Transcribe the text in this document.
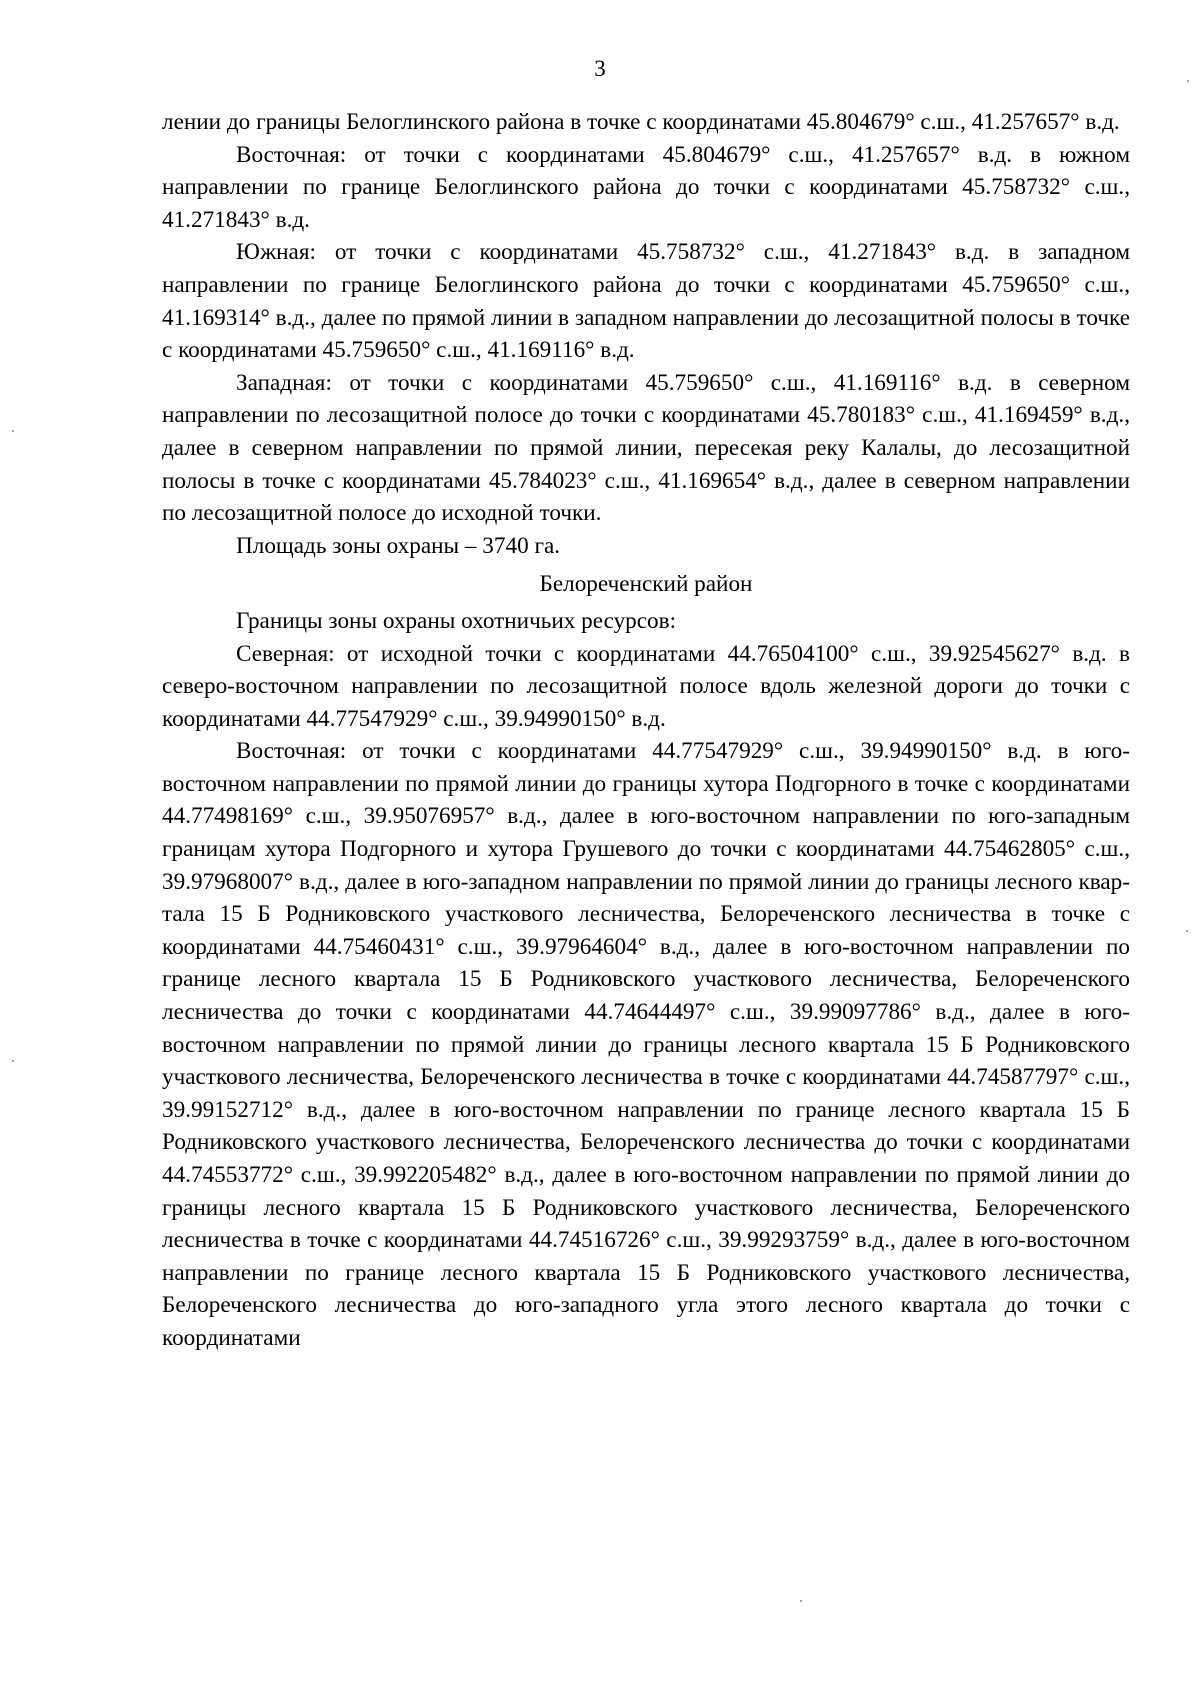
3

лении до границы Белоглинского района в точке с координатами 45.804679° с.ш., 41.257657° в.д.

Восточная: от точки с координатами 45.804679° с.ш., 41.257657° в.д. в южном направлении по границе Белоглинского района до точки с координатами 45.758732° с.ш., 41.271843° в.д.

Южная: от точки с координатами 45.758732° с.ш., 41.271843° в.д. в западном направлении по границе Белоглинского района до точки с координатами 45.759650° с.ш., 41.169314° в.д., далее по прямой линии в западном направлении до лесозащитной полосы в точке с координатами 45.759650° с.ш., 41.169116° в.д.

Западная: от точки с координатами 45.759650° с.ш., 41.169116° в.д. в северном направлении по лесозащитной полосе до точки с координатами 45.780183° с.ш., 41.169459° в.д., далее в северном направлении по прямой линии, пересекая реку Калалы, до лесозащитной полосы в точке с координатами 45.784023° с.ш., 41.169654° в.д., далее в северном направлении по лесозащитной полосе до исходной точки.

Площадь зоны охраны – 3740 га.

Белореченский район

Границы зоны охраны охотничьих ресурсов:

Северная: от исходной точки с координатами 44.76504100° с.ш., 39.92545627° в.д. в северо-восточном направлении по лесозащитной полосе вдоль железной дороги до точки с координатами 44.77547929° с.ш., 39.94990150° в.д.

Восточная: от точки с координатами 44.77547929° с.ш., 39.94990150° в.д. в юго-восточном направлении по прямой линии до границы хутора Подгорного в точке с координатами 44.77498169° с.ш., 39.95076957° в.д., далее в юго-восточном направлении по юго-западным границам хутора Подгорного и хутора Грушевого до точки с координатами 44.75462805° с.ш., 39.97968007° в.д., далее в юго-западном направлении по прямой линии до границы лесного квартала 15 Б Родниковского участкового лесничества, Белореченского лесничества в точке с координатами 44.75460431° с.ш., 39.97964604° в.д., далее в юго-восточном направлении по границе лесного квартала 15 Б Родниковского участкового лесничества, Белореченского лесничества до точки с координатами 44.74644497° с.ш., 39.99097786° в.д., далее в юго-восточном направлении по прямой линии до границы лесного квартала 15 Б Родниковского участкового лесничества, Белореченского лесничества в точке с координатами 44.74587797° с.ш., 39.99152712° в.д., далее в юго-восточном направлении по границе лесного квартала 15 Б Родниковского участкового лесничества, Белореченского лесничества до точки с координатами 44.74553772° с.ш., 39.992205482° в.д., далее в юго-восточном направлении по прямой линии до границы лесного квартала 15 Б Родниковского участкового лесничества, Белореченского лесничества в точке с координатами 44.74516726° с.ш., 39.99293759° в.д., далее в юго-восточном направлении по границе лесного квартала 15 Б Родниковского участкового лесничества, Белореченского лесничества до юго-западного угла этого лесного квартала до точки с координатами
